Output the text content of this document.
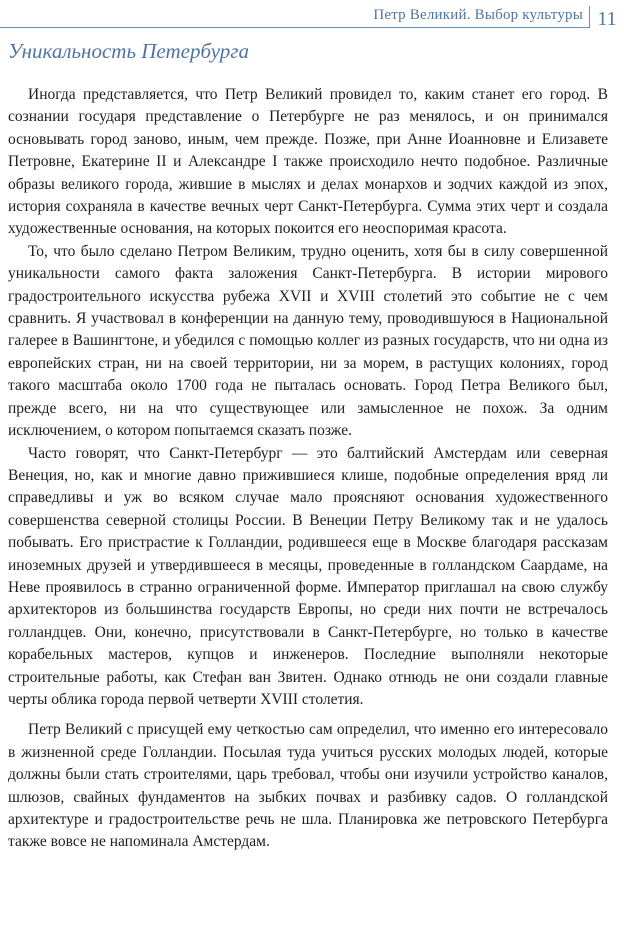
Петр Великий. Выбор культуры 11
Уникальность Петербурга

Иногда представляется, что Петр Великий провидел то, каким станет его город. В сознании государя представление о Петербурге не раз менялось, и он принимался основывать город заново, иным, чем прежде. Позже, при Анне Иоанновне и Елизавете Петровне, Екатерине II и Александре I также происходило нечто подобное. Различные образы великого города, жившие в мыслях и делах монархов и зодчих каждой из эпох, история сохраняла в качестве вечных черт Санкт-Петербурга. Сумма этих черт и создала художественные основания, на которых покоится его неоспоримая красота.

То, что было сделано Петром Великим, трудно оценить, хотя бы в силу совершенной уникальности самого факта заложения Санкт-Петербурга. В истории мирового градостроительного искусства рубежа XVII и XVIII столетий это событие не с чем сравнить. Я участвовал в конференции на данную тему, проводившуюся в Национальной галерее в Вашингтоне, и убедился с помощью коллег из разных государств, что ни одна из европейских стран, ни на своей территории, ни за морем, в растущих колониях, город такого масштаба около 1700 года не пыталась основать. Город Петра Великого был, прежде всего, ни на что существующее или замысленное не похож. За одним исключением, о котором попытаемся сказать позже.

Часто говорят, что Санкт-Петербург — это балтийский Амстердам или северная Венеция, но, как и многие давно прижившиеся клише, подобные определения вряд ли справедливы и уж во всяком случае мало проясняют основания художественного совершенства северной столицы России. В Венеции Петру Великому так и не удалось побывать. Его пристрастие к Голландии, родившееся еще в Москве благодаря рассказам иноземных друзей и утвердившееся в месяцы, проведенные в голландском Саардаме, на Неве проявилось в странно ограниченной форме. Император приглашал на свою службу архитекторов из большинства государств Европы, но среди них почти не встречалось голландцев. Они, конечно, присутствовали в Санкт-Петербурге, но только в качестве корабельных мастеров, купцов и инженеров. Последние выполняли некоторые строительные работы, как Стефан ван Звитен. Однако отнюдь не они создали главные черты облика города первой четверти XVIII столетия.

Петр Великий с присущей ему четкостью сам определил, что именно его интересовало в жизненной среде Голландии. Посылая туда учиться русских молодых людей, которые должны были стать строителями, царь требовал, чтобы они изучили устройство каналов, шлюзов, свайных фундаментов на зыбких почвах и разбивку садов. О голландской архитектуре и градостроительстве речь не шла. Планировка же петровского Петербурга также вовсе не напоминала Амстердам.
